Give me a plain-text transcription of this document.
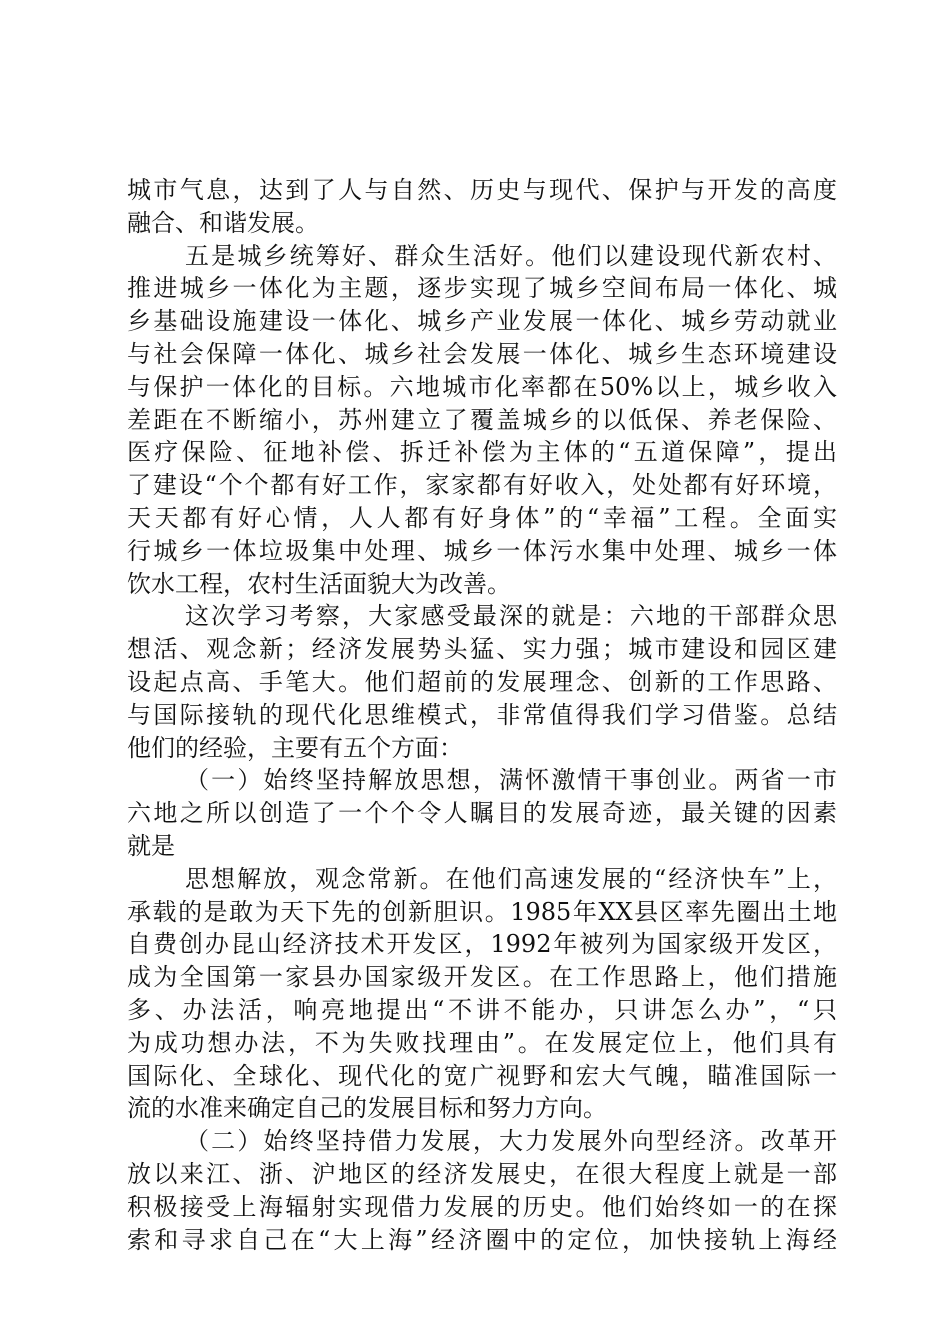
城市气息，达到了人与自然、历史与现代、保护与开发的高度
融合、和谐发展。
五是城乡统筹好、群众生活好。他们以建设现代新农村、
推进城乡一体化为主题，逐步实现了城乡空间布局一体化、城
乡基础设施建设一体化、城乡产业发展一体化、城乡劳动就业
与社会保障一体化、城乡社会发展一体化、城乡生态环境建设
与保护一体化的目标。六地城市化率都在50%以上，城乡收入
差距在不断缩小，苏州建立了覆盖城乡的以低保、养老保险、
医疗保险、征地补偿、拆迁补偿为主体的“五道保障”，提出
了建设“个个都有好工作，家家都有好收入，处处都有好环境，
天天都有好心情，人人都有好身体”的“幸福”工程。全面实
行城乡一体垃圾集中处理、城乡一体污水集中处理、城乡一体
饮水工程，农村生活面貌大为改善。
这次学习考察，大家感受最深的就是：六地的干部群众思
想活、观念新；经济发展势头猛、实力强；城市建设和园区建
设起点高、手笔大。他们超前的发展理念、创新的工作思路、
与国际接轨的现代化思维模式，非常值得我们学习借鉴。总结
他们的经验，主要有五个方面：
（一）始终坚持解放思想，满怀激情干事创业。两省一市
六地之所以创造了一个个令人瞩目的发展奇迹，最关键的因素
就是
思想解放，观念常新。在他们高速发展的“经济快车”上，
承载的是敢为天下先的创新胆识。1985年XX县区率先圈出土地
自费创办昆山经济技术开发区，1992年被列为国家级开发区，
成为全国第一家县办国家级开发区。在工作思路上，他们措施
多、办法活，响亮地提出“不讲不能办，只讲怎么办”，“只
为成功想办法，不为失败找理由”。在发展定位上，他们具有
国际化、全球化、现代化的宽广视野和宏大气魄，瞄准国际一
流的水准来确定自己的发展目标和努力方向。
（二）始终坚持借力发展，大力发展外向型经济。改革开
放以来江、浙、沪地区的经济发展史，在很大程度上就是一部
积极接受上海辐射实现借力发展的历史。他们始终如一的在探
索和寻求自己在“大上海”经济圈中的定位，加快接轨上海经
